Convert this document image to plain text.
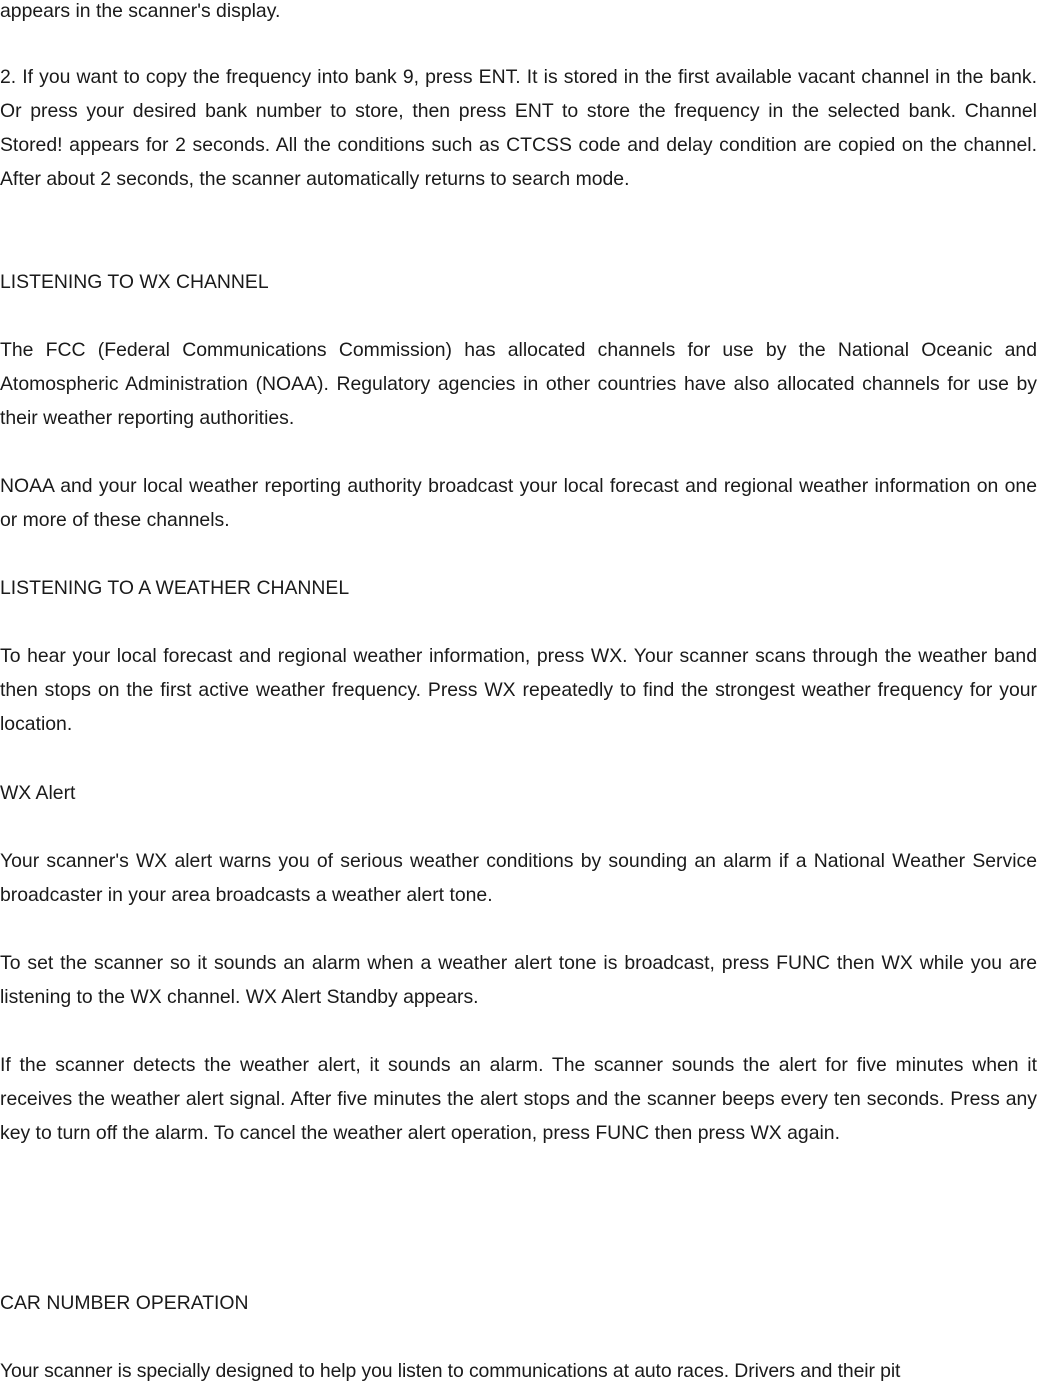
appears in the scanner's display.

2. If you want to copy the frequency into bank 9, press ENT. It is stored in the first available vacant channel in the bank. Or press your desired bank number to store, then press ENT to store the frequency in the selected bank. Channel Stored! appears for 2 seconds. All the conditions such as CTCSS code and delay condition are copied on the channel. After about 2 seconds, the scanner automatically returns to search mode.

LISTENING TO WX CHANNEL

The FCC (Federal Communications Commission) has allocated channels for use by the National Oceanic and Atomospheric Administration (NOAA). Regulatory agencies in other countries have also allocated channels for use by their weather reporting authorities.

NOAA and your local weather reporting authority broadcast your local forecast and regional weather information on one or more of these channels.

LISTENING TO A WEATHER CHANNEL

To hear your local forecast and regional weather information, press WX. Your scanner scans through the weather band then stops on the first active weather frequency. Press WX repeatedly to find the strongest weather frequency for your location.

WX Alert

Your scanner's WX alert warns you of serious weather conditions by sounding an alarm if a National Weather Service broadcaster in your area broadcasts a weather alert tone.

To set the scanner so it sounds an alarm when a weather alert tone is broadcast, press FUNC then WX while you are listening to the WX channel. WX Alert Standby appears.

If the scanner detects the weather alert, it sounds an alarm. The scanner sounds the alert for five minutes when it receives the weather alert signal. After five minutes the alert stops and the scanner beeps every ten seconds. Press any key to turn off the alarm. To cancel the weather alert operation, press FUNC then press WX again.

CAR NUMBER OPERATION

Your scanner is specially designed to help you listen to communications at auto races. Drivers and their pit
